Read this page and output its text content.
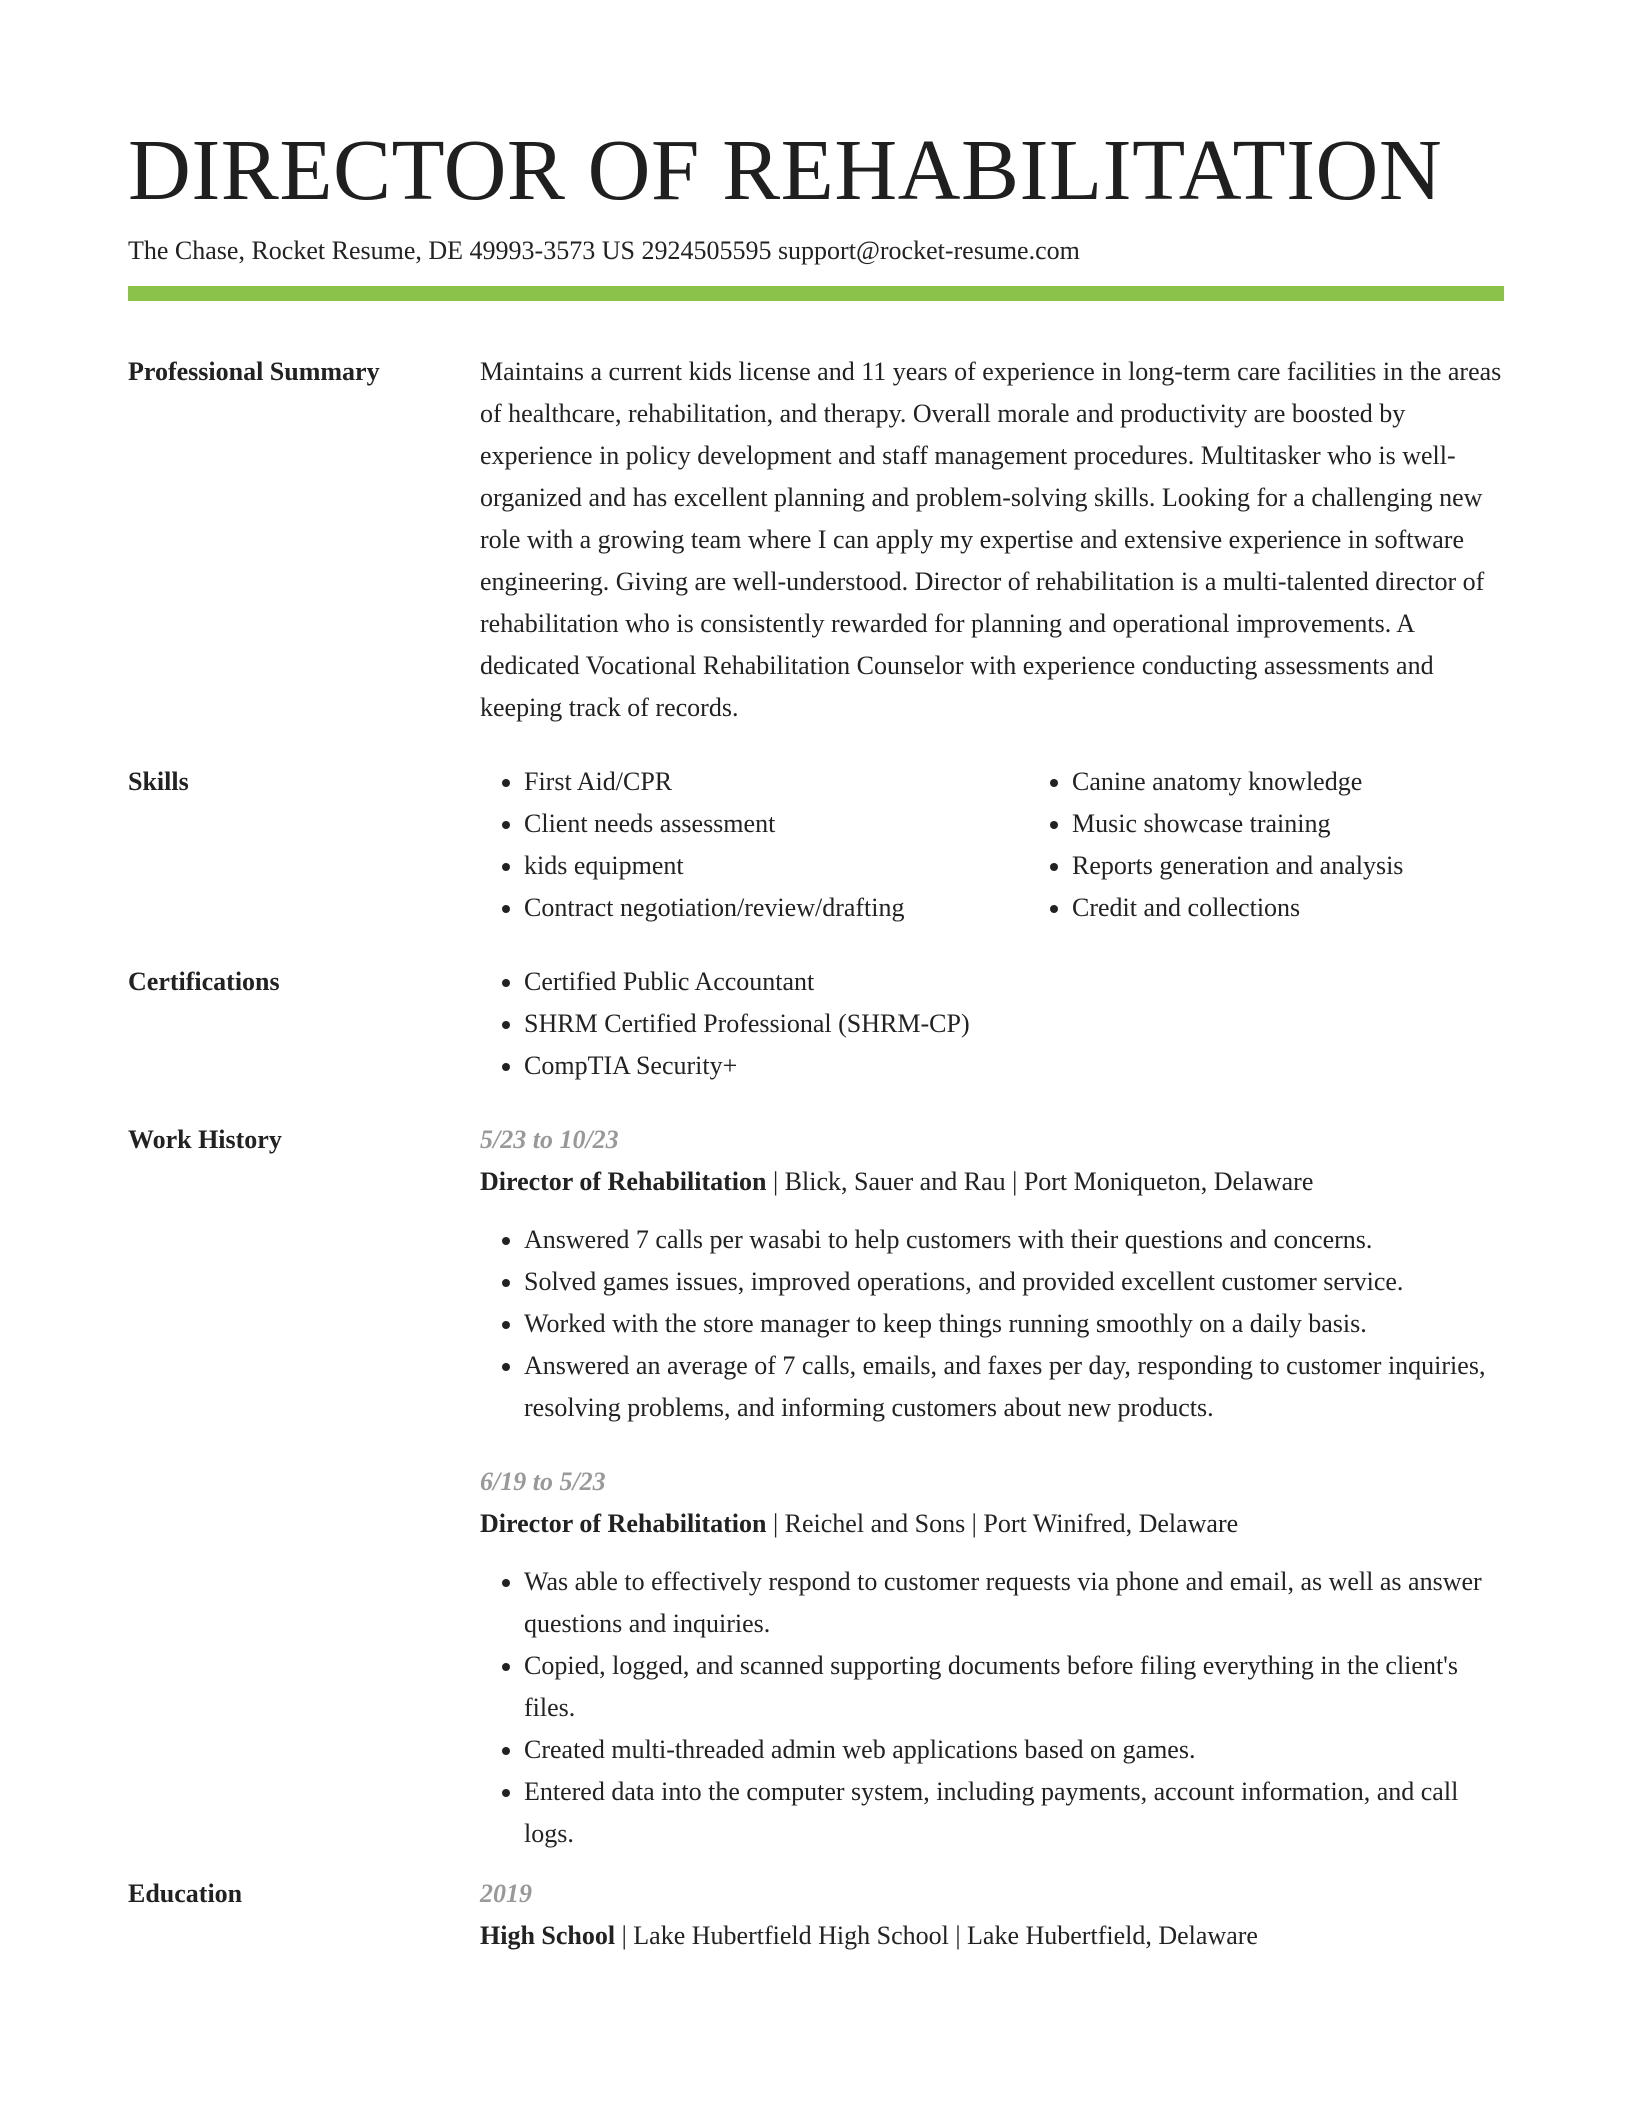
DIRECTOR OF REHABILITATION
The Chase, Rocket Resume, DE 49993-3573 US 2924505595 support@rocket-resume.com
Professional Summary	Maintains a current kids license and 11 years of experience in long-term care facilities in the areas of healthcare, rehabilitation, and therapy. Overall morale and productivity are boosted by experience in policy development and staff management procedures. Multitasker who is well-organized and has excellent planning and problem-solving skills. Looking for a challenging new role with a growing team where I can apply my expertise and extensive experience in software engineering. Giving are well-understood. Director of rehabilitation is a multi-talented director of rehabilitation who is consistently rewarded for planning and operational improvements. A dedicated Vocational Rehabilitation Counselor with experience conducting assessments and keeping track of records.

Skills	• First Aid/CPR
• Client needs assessment
• kids equipment
• Contract negotiation/review/drafting
• Canine anatomy knowledge
• Music showcase training
• Reports generation and analysis
• Credit and collections
Certifications	• Certified Public Accountant
• SHRM Certified Professional (SHRM-CP)
• CompTIA Security+
Work History	5/23 to 10/23
Director of Rehabilitation | Blick, Sauer and Rau | Port Moniqueton, Delaware
• Answered 7 calls per wasabi to help customers with their questions and concerns.
• Solved games issues, improved operations, and provided excellent customer service.
• Worked with the store manager to keep things running smoothly on a daily basis.
• Answered an average of 7 calls, emails, and faxes per day, responding to customer inquiries, resolving problems, and informing customers about new products.
6/19 to 5/23
Director of Rehabilitation | Reichel and Sons | Port Winifred, Delaware
• Was able to effectively respond to customer requests via phone and email, as well as answer questions and inquiries.
• Copied, logged, and scanned supporting documents before filing everything in the client's files.
• Created multi-threaded admin web applications based on games.
• Entered data into the computer system, including payments, account information, and call logs.
Education	2019
High School | Lake Hubertfield High School | Lake Hubertfield, Delaware
